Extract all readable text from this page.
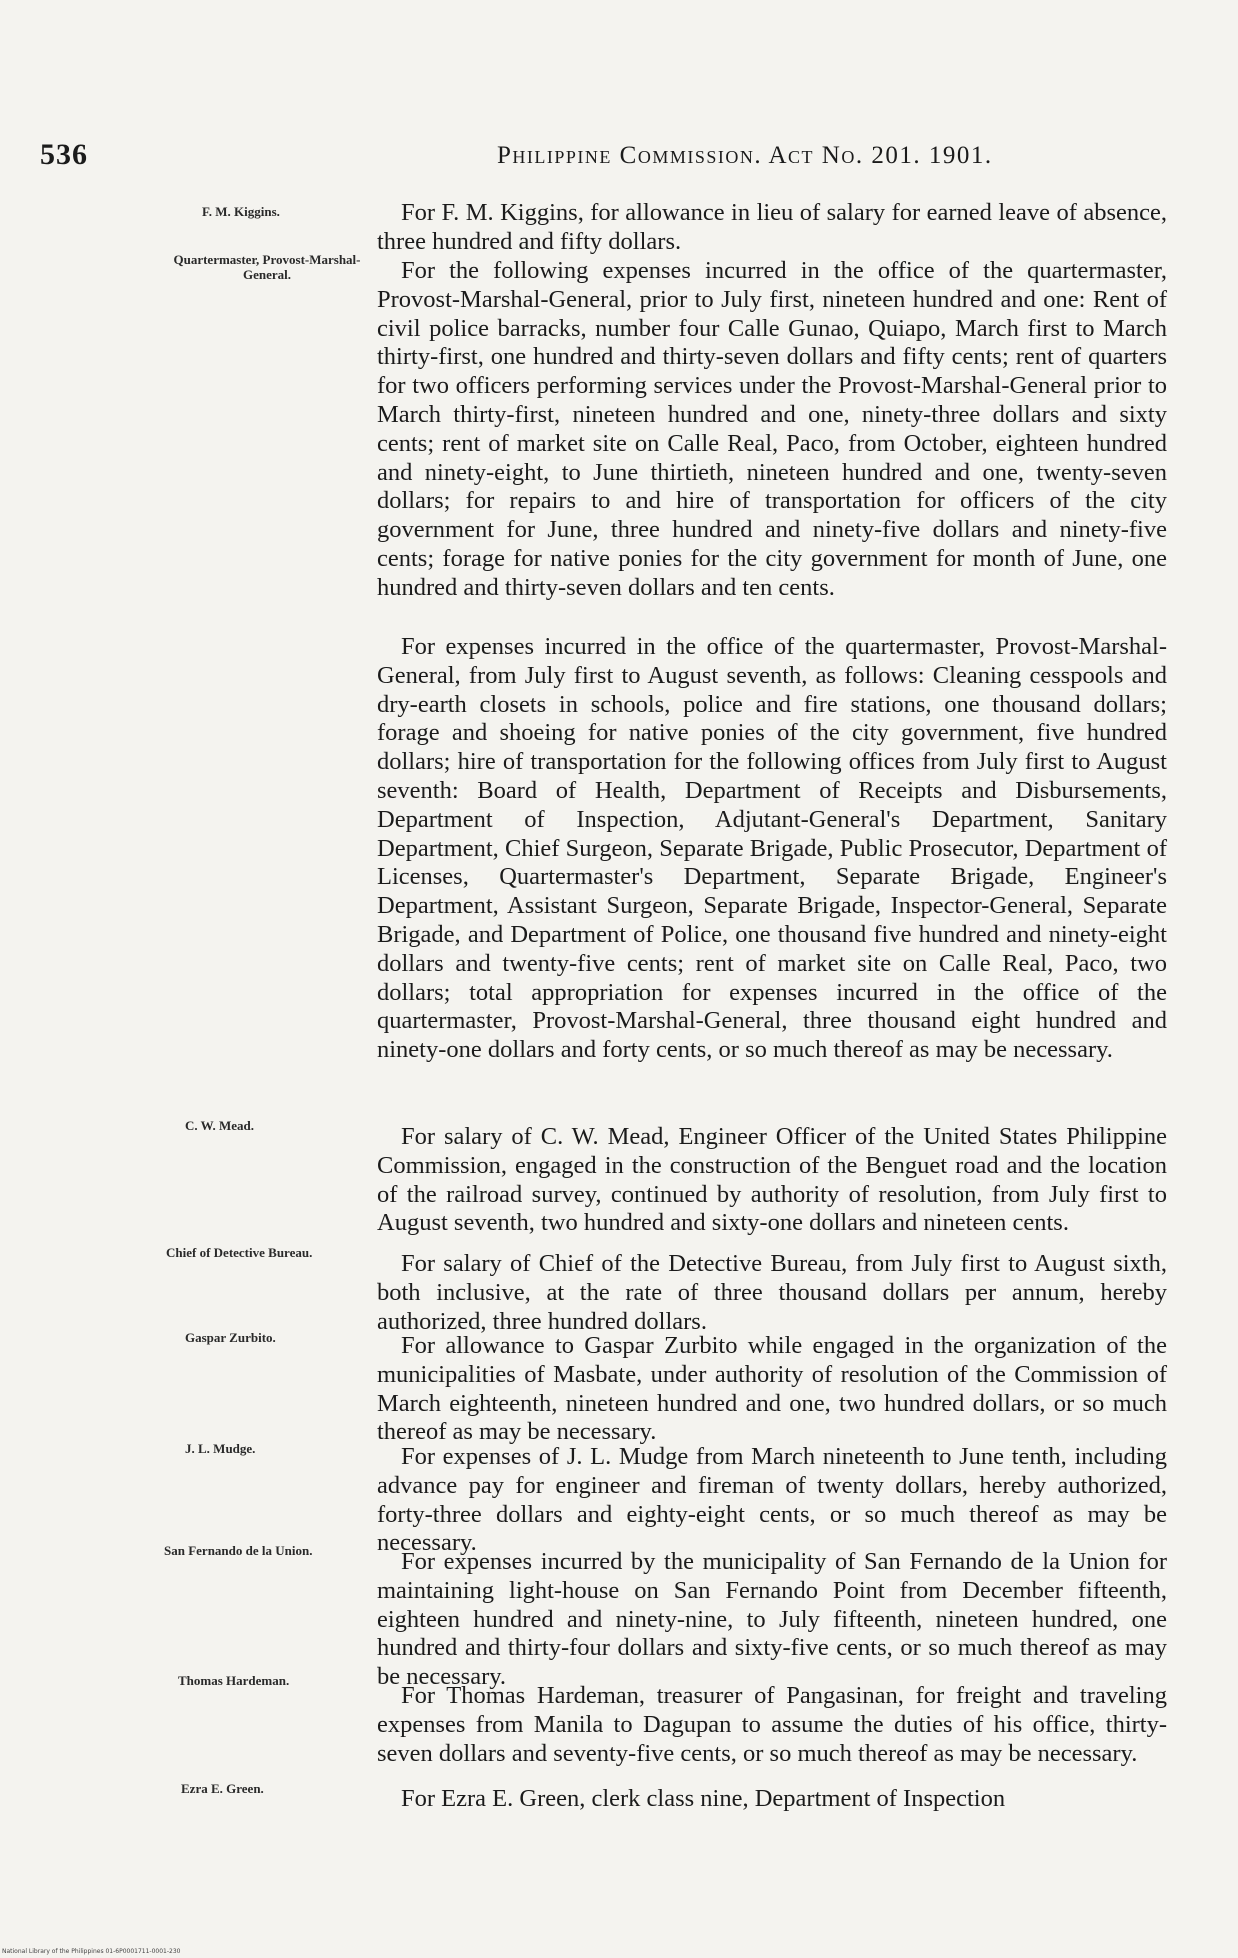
536	Philippine Commission. Act No. 201. 1901.
F. M. Kiggins.
Quartermaster, Provost-Marshal-General.
C. W. Mead.
Chief of Detective Bureau.
Gaspar Zurbito.
J. L. Mudge.
San Fernando de la Union.
Thomas Hardeman.
Ezra E. Green.

For F. M. Kiggins, for allowance in lieu of salary for earned leave of absence, three hundred and fifty dollars.

For the following expenses incurred in the office of the quartermaster, Provost-Marshal-General, prior to July first, nineteen hundred and one: Rent of civil police barracks, number four Calle Gunao, Quiapo, March first to March thirty-first, one hundred and thirty-seven dollars and fifty cents; rent of quarters for two officers performing services under the Provost-Marshal-General prior to March thirty-first, nineteen hundred and one, ninety-three dollars and sixty cents; rent of market site on Calle Real, Paco, from October, eighteen hundred and ninety-eight, to June thirtieth, nineteen hundred and one, twenty-seven dollars; for repairs to and hire of transportation for officers of the city government for June, three hundred and ninety-five dollars and ninety-five cents; forage for native ponies for the city government for month of June, one hundred and thirty-seven dollars and ten cents.

For expenses incurred in the office of the quartermaster, Provost-Marshal-General, from July first to August seventh, as follows: Cleaning cesspools and dry-earth closets in schools, police and fire stations, one thousand dollars; forage and shoeing for native ponies of the city government, five hundred dollars; hire of transportation for the following offices from July first to August seventh: Board of Health, Department of Receipts and Disbursements, Department of Inspection, Adjutant-General's Department, Sanitary Department, Chief Surgeon, Separate Brigade, Public Prosecutor, Department of Licenses, Quartermaster's Department, Separate Brigade, Engineer's Department, Assistant Surgeon, Separate Brigade, Inspector-General, Separate Brigade, and Department of Police, one thousand five hundred and ninety-eight dollars and twenty-five cents; rent of market site on Calle Real, Paco, two dollars; total appropriation for expenses incurred in the office of the quartermaster, Provost-Marshal-General, three thousand eight hundred and ninety-one dollars and forty cents, or so much thereof as may be necessary.

For salary of C. W. Mead, Engineer Officer of the United States Philippine Commission, engaged in the construction of the Benguet road and the location of the railroad survey, continued by authority of resolution, from July first to August seventh, two hundred and sixty-one dollars and nineteen cents.

For salary of Chief of the Detective Bureau, from July first to August sixth, both inclusive, at the rate of three thousand dollars per annum, hereby authorized, three hundred dollars.

For allowance to Gaspar Zurbito while engaged in the organization of the municipalities of Masbate, under authority of resolution of the Commission of March eighteenth, nineteen hundred and one, two hundred dollars, or so much thereof as may be necessary.

For expenses of J. L. Mudge from March nineteenth to June tenth, including advance pay for engineer and fireman of twenty dollars, hereby authorized, forty-three dollars and eighty-eight cents, or so much thereof as may be necessary.

For expenses incurred by the municipality of San Fernando de la Union for maintaining light-house on San Fernando Point from December fifteenth, eighteen hundred and ninety-nine, to July fifteenth, nineteen hundred, one hundred and thirty-four dollars and sixty-five cents, or so much thereof as may be necessary.

For Thomas Hardeman, treasurer of Pangasinan, for freight and traveling expenses from Manila to Dagupan to assume the duties of his office, thirty-seven dollars and seventy-five cents, or so much thereof as may be necessary.

For Ezra E. Green, clerk class nine, Department of Inspection

National Library of the Philippines 01-6P0001711-0001-230
